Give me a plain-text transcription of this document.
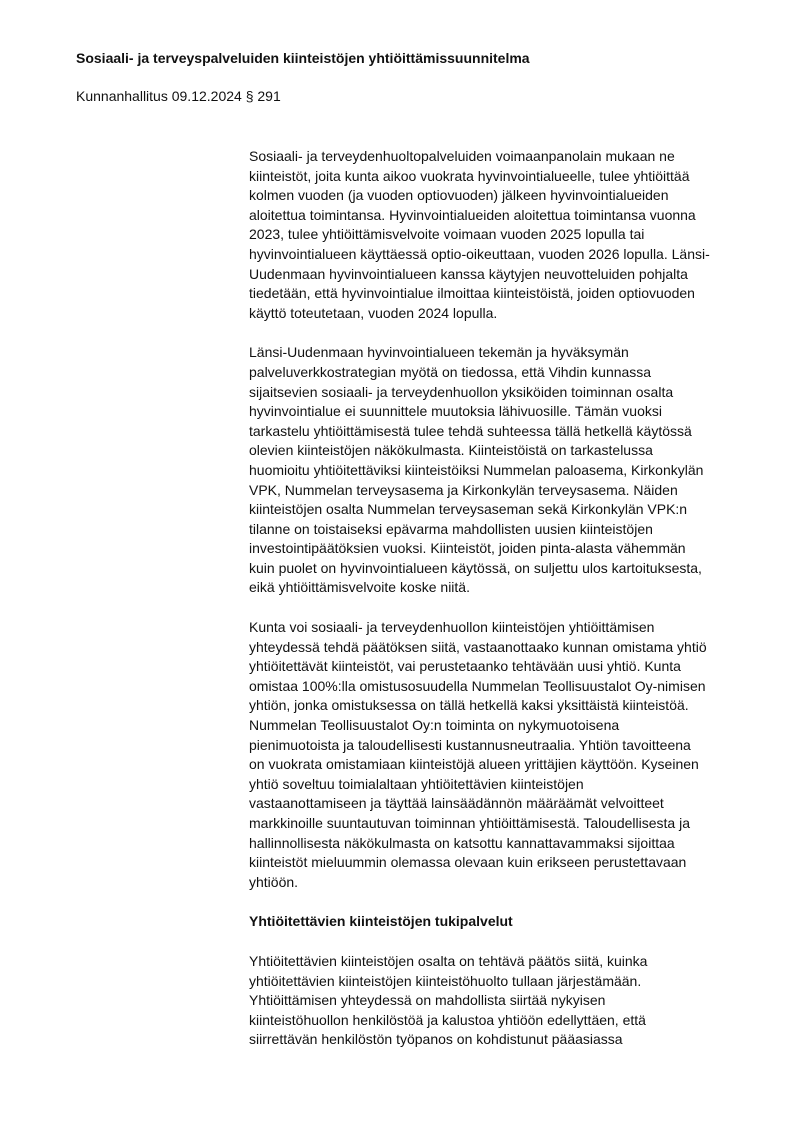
Sosiaali- ja terveyspalveluiden kiinteistöjen yhtiöittämissuunnitelma
Kunnanhallitus 09.12.2024 § 291

Sosiaali- ja terveydenhuoltopalveluiden voimaanpanolain mukaan ne
kiinteistöt, joita kunta aikoo vuokrata hyvinvointialueelle, tulee yhtiöittää
kolmen vuoden (ja vuoden optiovuoden) jälkeen hyvinvointialueiden
aloitettua toimintansa. Hyvinvointialueiden aloitettua toimintansa vuonna
2023, tulee yhtiöittämisvelvoite voimaan vuoden 2025 lopulla tai
hyvinvointialueen käyttäessä optio-oikeuttaan, vuoden 2026 lopulla. Länsi-
Uudenmaan hyvinvointialueen kanssa käytyjen neuvotteluiden pohjalta
tiedetään, että hyvinvointialue ilmoittaa kiinteistöistä, joiden optiovuoden
käyttö toteutetaan, vuoden 2024 lopulla.

Länsi-Uudenmaan hyvinvointialueen tekemän ja hyväksymän
palveluverkkostrategian myötä on tiedossa, että Vihdin kunnassa
sijaitsevien sosiaali- ja terveydenhuollon yksiköiden toiminnan osalta
hyvinvointialue ei suunnittele muutoksia lähivuosille. Tämän vuoksi
tarkastelu yhtiöittämisestä tulee tehdä suhteessa tällä hetkellä käytössä
olevien kiinteistöjen näkökulmasta. Kiinteistöistä on tarkastelussa
huomioitu yhtiöitettäviksi kiinteistöiksi Nummelan paloasema, Kirkonkylän
VPK, Nummelan terveysasema ja Kirkonkylän terveysasema. Näiden
kiinteistöjen osalta Nummelan terveysaseman sekä Kirkonkylän VPK:n
tilanne on toistaiseksi epävarma mahdollisten uusien kiinteistöjen
investointipäätöksien vuoksi. Kiinteistöt, joiden pinta-alasta vähemmän
kuin puolet on hyvinvointialueen käytössä, on suljettu ulos kartoituksesta,
eikä yhtiöittämisvelvoite koske niitä.

Kunta voi sosiaali- ja terveydenhuollon kiinteistöjen yhtiöittämisen
yhteydessä tehdä päätöksen siitä, vastaanottaako kunnan omistama yhtiö
yhtiöitettävät kiinteistöt, vai perustetaanko tehtävään uusi yhtiö. Kunta
omistaa 100%:lla omistusosuudella Nummelan Teollisuustalot Oy-nimisen
yhtiön, jonka omistuksessa on tällä hetkellä kaksi yksittäistä kiinteistöä.
Nummelan Teollisuustalot Oy:n toiminta on nykymuotoisena
pienimuotoista ja taloudellisesti kustannusneutraalia. Yhtiön tavoitteena
on vuokrata omistamiaan kiinteistöjä alueen yrittäjien käyttöön. Kyseinen
yhtiö soveltuu toimialaltaan yhtiöitettävien kiinteistöjen
vastaanottamiseen ja täyttää lainsäädännön määräämät velvoitteet
markkinoille suuntautuvan toiminnan yhtiöittämisestä. Taloudellisesta ja
hallinnollisesta näkökulmasta on katsottu kannattavammaksi sijoittaa
kiinteistöt mieluummin olemassa olevaan kuin erikseen perustettavaan
yhtiöön.

Yhtiöitettävien kiinteistöjen tukipalvelut

Yhtiöitettävien kiinteistöjen osalta on tehtävä päätös siitä, kuinka
yhtiöitettävien kiinteistöjen kiinteistöhuolto tullaan järjestämään.
Yhtiöittämisen yhteydessä on mahdollista siirtää nykyisen
kiinteistöhuollon henkilöstöä ja kalustoa yhtiöön edellyttäen, että
siirrettävän henkilöstön työpanos on kohdistunut pääasiassa
